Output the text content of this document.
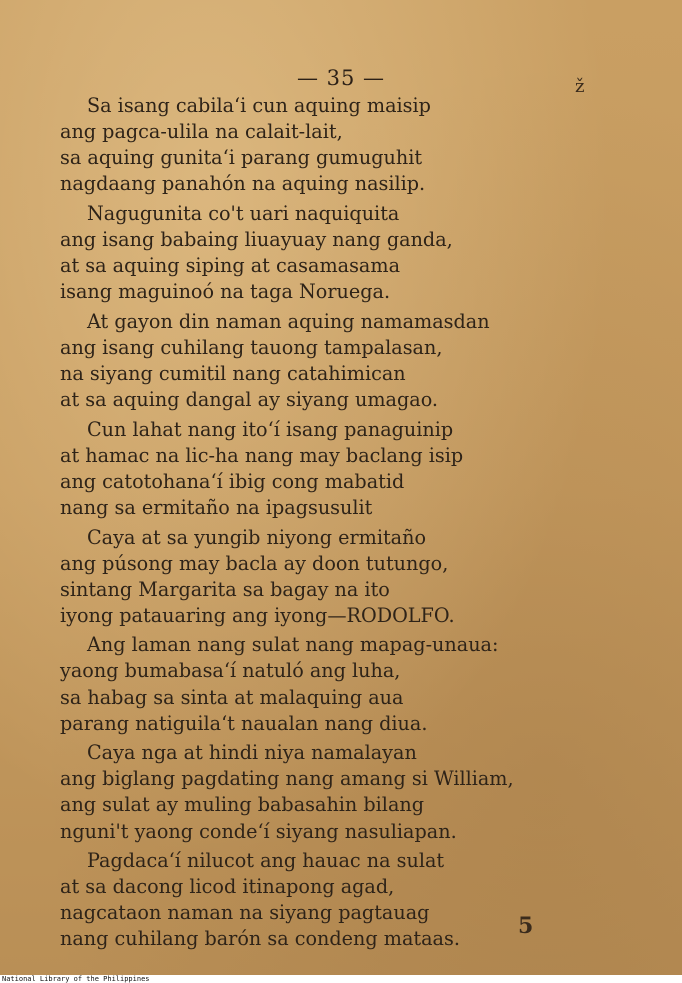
— 35 —	ž
Sa isang cabila‘i cun aquing maisip
ang pagca-ulila na calait-lait,
sa aquing gunita‘i parang gumuguhit
nagdaang panahón na aquing nasilip.
Nagugunita co't uari naquiquita
ang isang babaing liuayuay nang ganda,
at sa aquing siping at casamasama
isang maguinoó na taga Noruega.
At gayon din naman aquing namamasdan
ang isang cuhilang tauong tampalasan,
na siyang cumitil nang catahimican
at sa aquing dangal ay siyang umagao.
Cun lahat nang ito‘í isang panaguinip
at hamac na lic-ha nang may baclang isip
ang catotohana‘í ibig cong mabatid
nang sa ermitaño na ipagsusulit
Caya at sa yungib niyong ermitaño
ang púsong may bacla ay doon tutungo,
sintang Margarita sa bagay na ito
iyong patauaring ang iyong—RODOLFO.
Ang laman nang sulat nang mapag-unaua:
yaong bumabasa‘í natuló ang luha,
sa habag sa sinta at malaquing aua
parang natiguila‘t naualan nang diua.
Caya nga at hindi niya namalayan
ang biglang pagdating nang amang si William,
ang sulat ay muling babasahin bilang
nguni't yaong conde‘í siyang nasuliapan.
Pagdaca‘í nilucot ang hauac na sulat
at sa dacong licod itinapong agad,
nagcataon naman na siyang pagtauag
nang cuhilang barón sa condeng mataas.	5
National Library of the Philippines
